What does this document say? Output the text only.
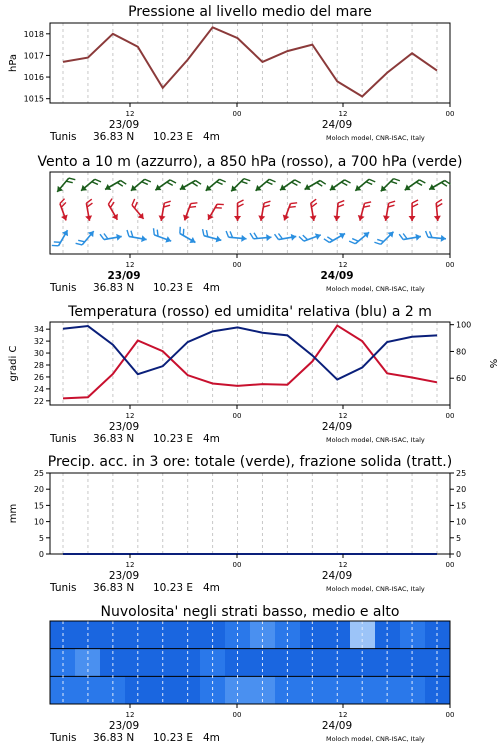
Pressione al livello medio del mare
1015
1016
1017
1018
hPa
12	00	12	00
23/09	24/09
Tunis 36.83 N 10.23 E 4m	Moloch model, CNR-ISAC, Italy
Vento a 10 m (azzurro), a 850 hPa (rosso), a 700 hPa (verde)
12	00	12	00
23/09	24/09
Tunis 36.83 N 10.23 E 4m	Moloch model, CNR-ISAC, Italy
Temperatura (rosso) ed umidita' relativa (blu) a 2 m
22
24
26
28
30
32
34
60
80
100
gradi C	%
12	00	12	00
23/09	24/09
Tunis 36.83 N 10.23 E 4m	Moloch model, CNR-ISAC, Italy
Precip. acc. in 3 ore: totale (verde), frazione solida (tratt.)
0	0
5	5
10	10
15	15
20	20
25	25
mm
12	00	12	00
23/09	24/09
Tunis 36.83 N 10.23 E 4m	Moloch model, CNR-ISAC, Italy
Nuvolosita' negli strati basso, medio e alto
12	00	12	00
23/09	24/09
Tunis 36.83 N 10.23 E 4m	Moloch model, CNR-ISAC, Italy
